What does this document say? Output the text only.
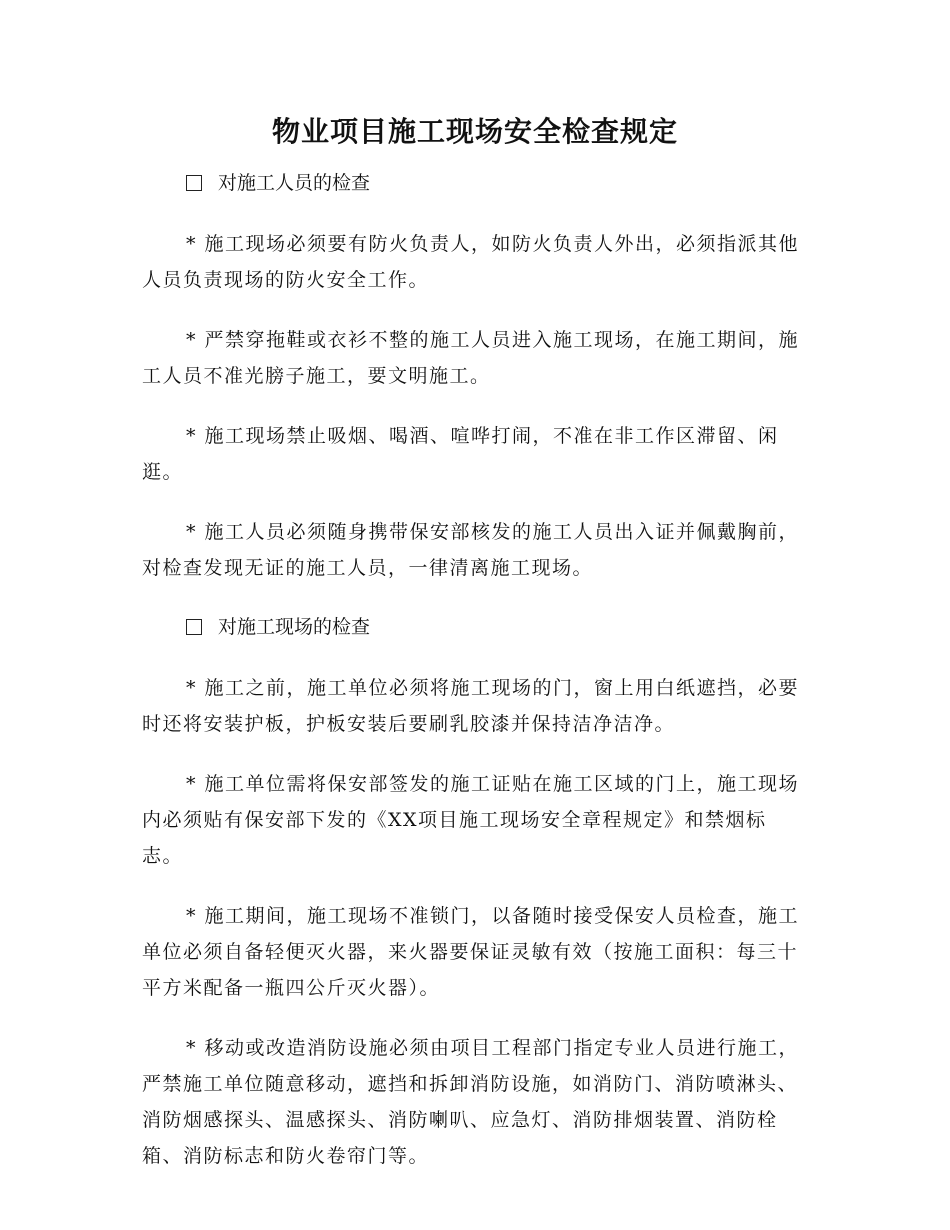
物业项目施工现场安全检查规定
对施工人员的检查

* 施工现场必须要有防火负责人，如防火负责人外出，必须指派其他人员负责现场的防火安全工作。

* 严禁穿拖鞋或衣衫不整的施工人员进入施工现场，在施工期间，施工人员不准光膀子施工，要文明施工。

* 施工现场禁止吸烟、喝酒、喧哗打闹，不准在非工作区滞留、闲逛。

* 施工人员必须随身携带保安部核发的施工人员出入证并佩戴胸前，对检查发现无证的施工人员，一律清离施工现场。

对施工现场的检查

* 施工之前，施工单位必须将施工现场的门，窗上用白纸遮挡，必要时还将安装护板，护板安装后要刷乳胶漆并保持洁净洁净。

* 施工单位需将保安部签发的施工证贴在施工区域的门上，施工现场内必须贴有保安部下发的《XX项目施工现场安全章程规定》和禁烟标志。

* 施工期间，施工现场不准锁门，以备随时接受保安人员检查，施工单位必须自备轻便灭火器，来火器要保证灵敏有效（按施工面积：每三十平方米配备一瓶四公斤灭火器）。

* 移动或改造消防设施必须由项目工程部门指定专业人员进行施工，严禁施工单位随意移动，遮挡和拆卸消防设施，如消防门、消防喷淋头、消防烟感探头、温感探头、消防喇叭、应急灯、消防排烟装置、消防栓箱、消防标志和防火卷帘门等。
